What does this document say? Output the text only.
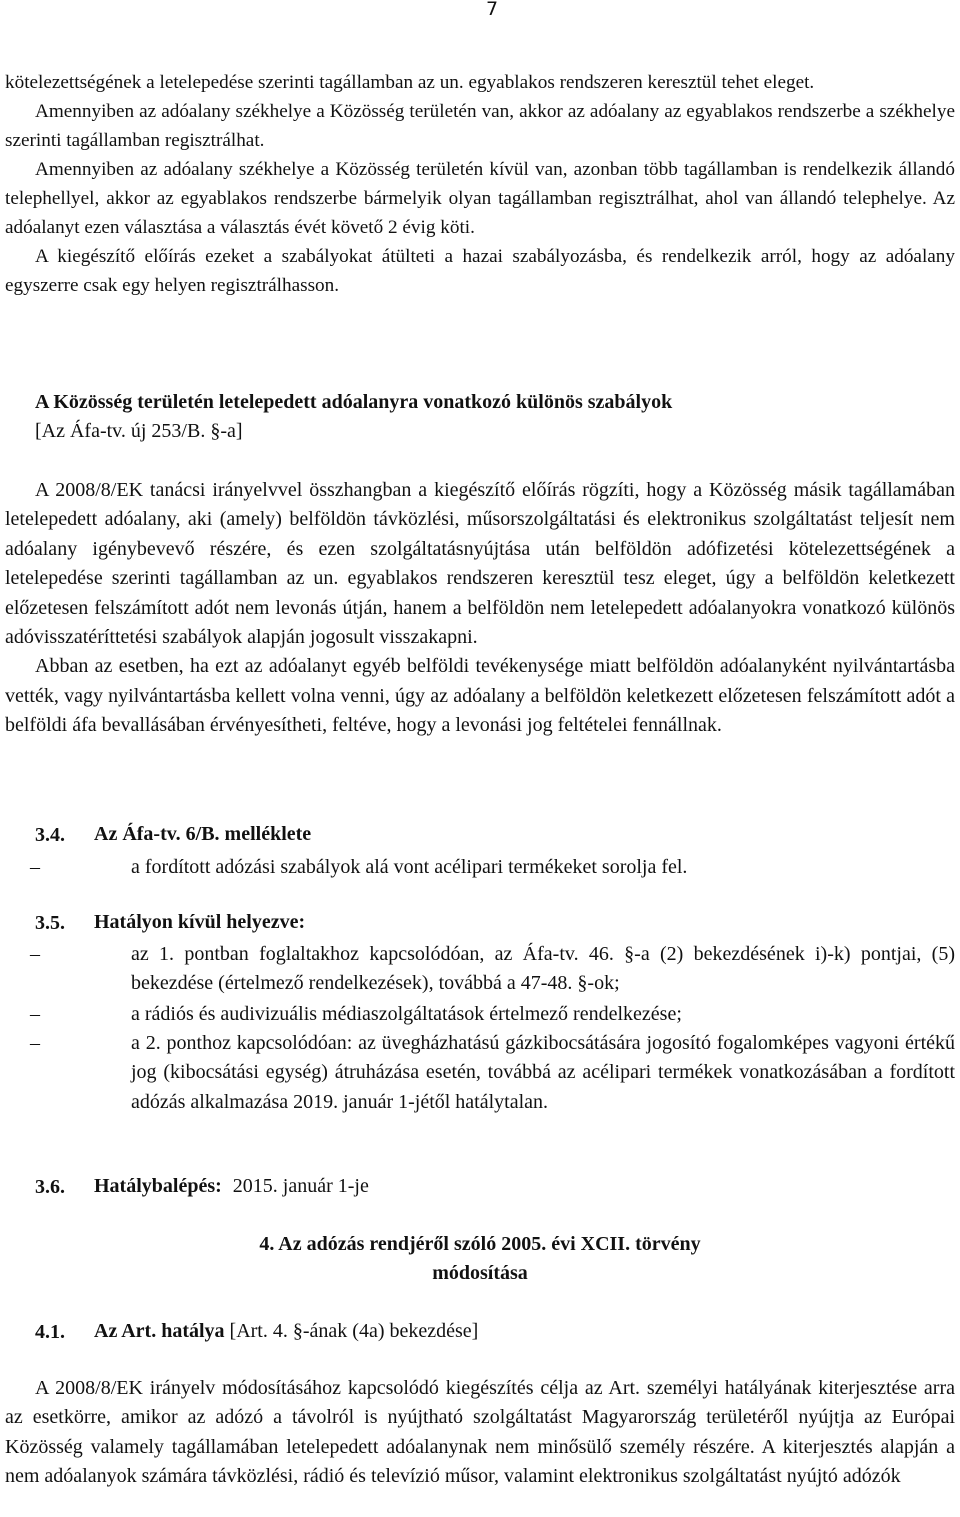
7

kötelezettségének a letelepedése szerinti tagállamban az un. egyablakos rendszeren keresztül tehet eleget.

Amennyiben az adóalany székhelye a Közösség területén van, akkor az adóalany az egyablakos rendszerbe a székhelye szerinti tagállamban regisztrálhat.

Amennyiben az adóalany székhelye a Közösség területén kívül van, azonban több tagállamban is rendelkezik állandó telephellyel, akkor az egyablakos rendszerbe bármelyik olyan tagállamban regisztrálhat, ahol van állandó telephelye. Az adóalanyt ezen választása a választás évét követő 2 évig köti.

A kiegészítő előírás ezeket a szabályokat átülteti a hazai szabályozásba, és rendelkezik arról, hogy az adóalany egyszerre csak egy helyen regisztrálhasson.

A Közösség területén letelepedett adóalanyra vonatkozó különös szabályok

[Az Áfa-tv. új 253/B. §-a]

A 2008/8/EK tanácsi irányelvvel összhangban a kiegészítő előírás rögzíti, hogy a Közösség másik tagállamában letelepedett adóalany, aki (amely) belföldön távközlési, műsorszolgáltatási és elektronikus szolgáltatást teljesít nem adóalany igénybevevő részére, és ezen szolgáltatásnyújtása után belföldön adófizetési kötelezettségének a letelepedése szerinti tagállamban az un. egyablakos rendszeren keresztül tesz eleget, úgy a belföldön keletkezett előzetesen felszámított adót nem levonás útján, hanem a belföldön nem letelepedett adóalanyokra vonatkozó különös adóvisszatéríttetési szabályok alapján jogosult visszakapni.

Abban az esetben, ha ezt az adóalanyt egyéb belföldi tevékenysége miatt belföldön adóalanyként nyilvántartásba vették, vagy nyilvántartásba kellett volna venni, úgy az adóalany a belföldön keletkezett előzetesen felszámított adót a belföldi áfa bevallásában érvényesítheti, feltéve, hogy a levonási jog feltételei fennállnak.

3.4. Az Áfa-tv. 6/B. melléklete
–	a fordított adózási szabályok alá vont acélipari termékeket sorolja fel.
3.5. Hatályon kívül helyezve:
–	az 1. pontban foglaltakhoz kapcsolódóan, az Áfa-tv. 46. §-a (2) bekezdésének i)-k) pontjai, (5) bekezdése (értelmező rendelkezések), továbbá a 47-48. §-ok;
–	a rádiós és audivizuális médiaszolgáltatások értelmező rendelkezése;
–	a 2. ponthoz kapcsolódóan: az üvegházhatású gázkibocsátására jogosító fogalomképes vagyoni értékű jog (kibocsátási egység) átruházása esetén, továbbá az acélipari termékek vonatkozásában a fordított adózás alkalmazása 2019. január 1-jétől hatálytalan.
3.6. Hatálybalépés: 2015. január 1-je
4. Az adózás rendjéről szóló 2005. évi XCII. törvény
módosítása
4.1. Az Art. hatálya [Art. 4. §-ának (4a) bekezdése]

A 2008/8/EK irányelv módosításához kapcsolódó kiegészítés célja az Art. személyi hatályának kiterjesztése arra az esetkörre, amikor az adózó a távolról is nyújtható szolgáltatást Magyarország területéről nyújtja az Európai Közösség valamely tagállamában letelepedett adóalanynak nem minősülő személy részére. A kiterjesztés alapján a nem adóalanyok számára távközlési, rádió és televízió műsor, valamint elektronikus szolgáltatást nyújtó adózók
